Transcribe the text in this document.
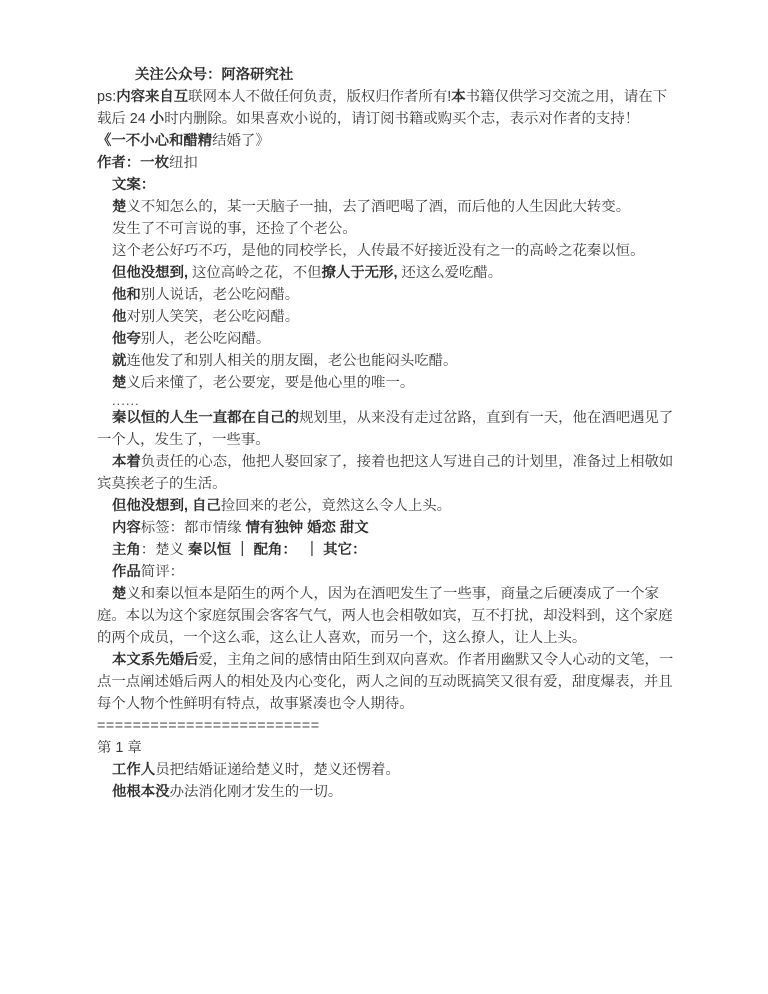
关注公众号：阿洛研究社

ps:内容来自互联网本人不做任何负责，版权归作者所有!本书籍仅供学习交流之用，请在下载后 24 小时内删除。如果喜欢小说的，请订阅书籍或购买个志，表示对作者的支持！

《一不小心和醋精结婚了》

作者：一枚纽扣

文案：

楚义不知怎么的，某一天脑子一抽，去了酒吧喝了酒，而后他的人生因此大转变。

发生了不可言说的事，还捡了个老公。

这个老公好巧不巧，是他的同校学长，人传最不好接近没有之一的高岭之花秦以恒。

但他没想到, 这位高岭之花，不但撩人于无形, 还这么爱吃醋。

他和别人说话，老公吃闷醋。

他对别人笑笑，老公吃闷醋。

他夸别人，老公吃闷醋。

就连他发了和别人相关的朋友圈，老公也能闷头吃醋。

楚义后来懂了，老公要宠，要是他心里的唯一。

......

秦以恒的人生一直都在自己的规划里，从来没有走过岔路，直到有一天，他在酒吧遇见了一个人，发生了，一些事。

本着负责任的心态，他把人娶回家了，接着也把这人写进自己的计划里，准备过上相敬如宾莫挨老子的生活。

但他没想到, 自己捡回来的老公，竟然这么令人上头。

内容标签：都市情缘 情有独钟 婚恋 甜文

主角：楚义 秦以恒 ｜ 配角： ｜ 其它：

作品简评：

楚义和秦以恒本是陌生的两个人，因为在酒吧发生了一些事，商量之后硬凑成了一个家庭。本以为这个家庭氛围会客客气气，两人也会相敬如宾，互不打扰，却没料到，这个家庭的两个成员，一个这么乖，这么让人喜欢，而另一个，这么撩人，让人上头。

本文系先婚后爱，主角之间的感情由陌生到双向喜欢。作者用幽默又令人心动的文笔，一点一点阐述婚后两人的相处及内心变化，两人之间的互动既搞笑又很有爱，甜度爆表，并且每个人物个性鲜明有特点，故事紧凑也令人期待。

=========================

第 1 章

工作人员把结婚证递给楚义时，楚义还愣着。

他根本没办法消化刚才发生的一切。
